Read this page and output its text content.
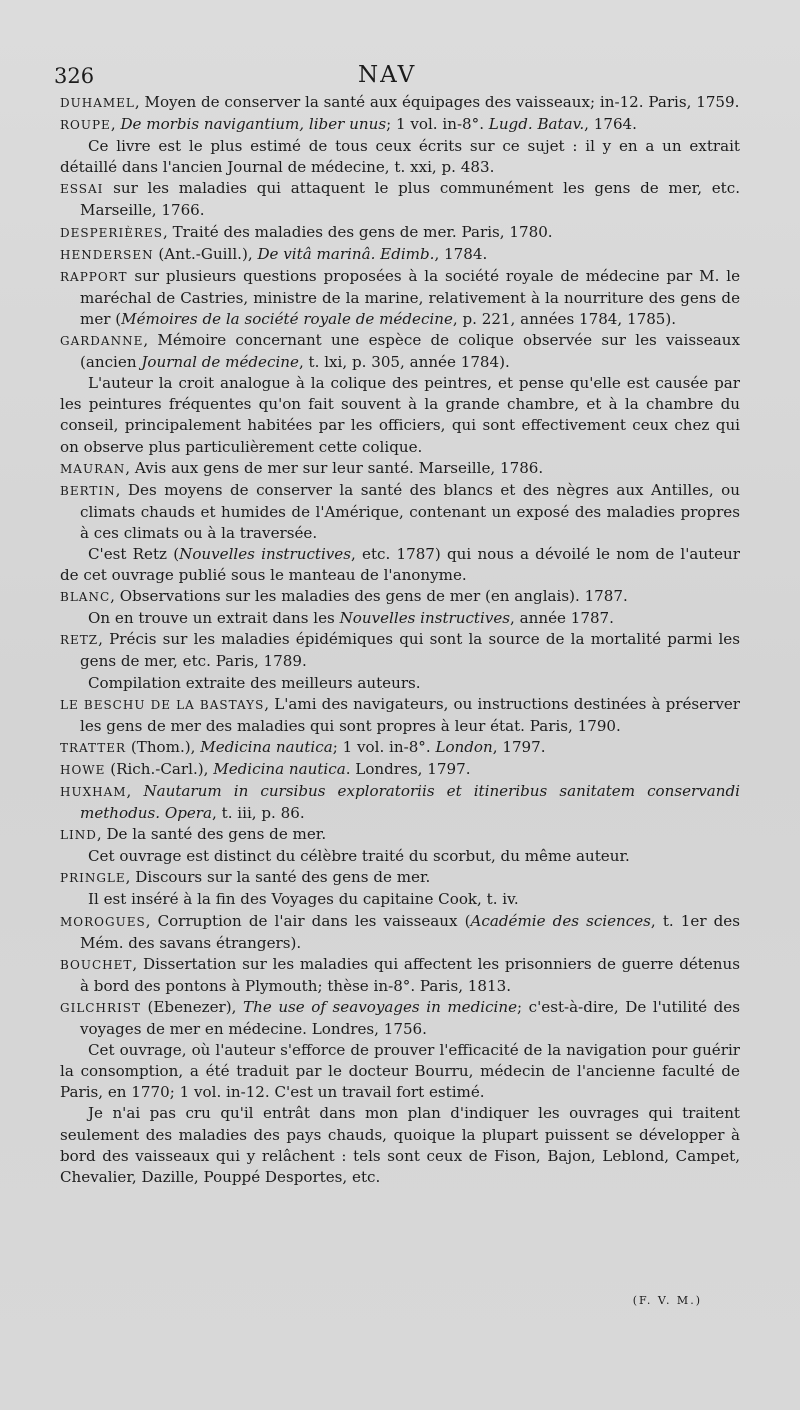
326	NAV

DUHAMEL, Moyen de conserver la santé aux équipages des vaisseaux; in-12. Paris, 1759.

ROUPE, De morbis navigantium, liber unus; 1 vol. in-8°. Lugd. Batav., 1764.

Ce livre est le plus estimé de tous ceux écrits sur ce sujet : il y en a un extrait détaillé dans l'ancien Journal de médecine, t. xxi, p. 483.

ESSAI sur les maladies qui attaquent le plus communément les gens de mer, etc. Marseille, 1766.

DESPERIÈRES, Traité des maladies des gens de mer. Paris, 1780.

HENDERSEN (Ant.-Guill.), De vitâ marinâ. Edimb., 1784.

RAPPORT sur plusieurs questions proposées à la société royale de médecine par M. le maréchal de Castries, ministre de la marine, relativement à la nourriture des gens de mer (Mémoires de la société royale de médecine, p. 221, années 1784, 1785).

GARDANNE, Mémoire concernant une espèce de colique observée sur les vaisseaux (ancien Journal de médecine, t. lxi, p. 305, année 1784).

L'auteur la croit analogue à la colique des peintres, et pense qu'elle est causée par les peintures fréquentes qu'on fait souvent à la grande chambre, et à la chambre du conseil, principalement habitées par les officiers, qui sont effectivement ceux chez qui on observe plus particulièrement cette colique.

MAURAN, Avis aux gens de mer sur leur santé. Marseille, 1786.

BERTIN, Des moyens de conserver la santé des blancs et des nègres aux Antilles, ou climats chauds et humides de l'Amérique, contenant un exposé des maladies propres à ces climats ou à la traversée.

C'est Retz (Nouvelles instructives, etc. 1787) qui nous a dévoilé le nom de l'auteur de cet ouvrage publié sous le manteau de l'anonyme.

BLANC, Observations sur les maladies des gens de mer (en anglais). 1787.

On en trouve un extrait dans les Nouvelles instructives, année 1787.

RETZ, Précis sur les maladies épidémiques qui sont la source de la mortalité parmi les gens de mer, etc. Paris, 1789.

Compilation extraite des meilleurs auteurs.

LE BESCHU DE LA BASTAYS, L'ami des navigateurs, ou instructions destinées à préserver les gens de mer des maladies qui sont propres à leur état. Paris, 1790.

TRATTER (Thom.), Medicina nautica; 1 vol. in-8°. London, 1797.

HOWE (Rich.-Carl.), Medicina nautica. Londres, 1797.

HUXHAM, Nautarum in cursibus exploratoriis et itineribus sanitatem conservandi methodus. Opera, t. iii, p. 86.

LIND, De la santé des gens de mer.

Cet ouvrage est distinct du célèbre traité du scorbut, du même auteur.

PRINGLE, Discours sur la santé des gens de mer.

Il est inséré à la fin des Voyages du capitaine Cook, t. iv.

MOROGUES, Corruption de l'air dans les vaisseaux (Académie des sciences, t. 1er des Mém. des savans étrangers).

BOUCHET, Dissertation sur les maladies qui affectent les prisonniers de guerre détenus à bord des pontons à Plymouth; thèse in-8°. Paris, 1813.

GILCHRIST (Ebenezer), The use of seavoyages in medicine; c'est-à-dire, De l'utilité des voyages de mer en médecine. Londres, 1756.

Cet ouvrage, où l'auteur s'efforce de prouver l'efficacité de la navigation pour guérir la consomption, a été traduit par le docteur Bourru, médecin de l'ancienne faculté de Paris, en 1770; 1 vol. in-12. C'est un travail fort estimé.

Je n'ai pas cru qu'il entrât dans mon plan d'indiquer les ouvrages qui traitent seulement des maladies des pays chauds, quoique la plupart puissent se développer à bord des vaisseaux qui y relâchent : tels sont ceux de Fison, Bajon, Leblond, Campet, Chevalier, Dazille, Pouppé Desportes, etc.

(F. V. M.)
